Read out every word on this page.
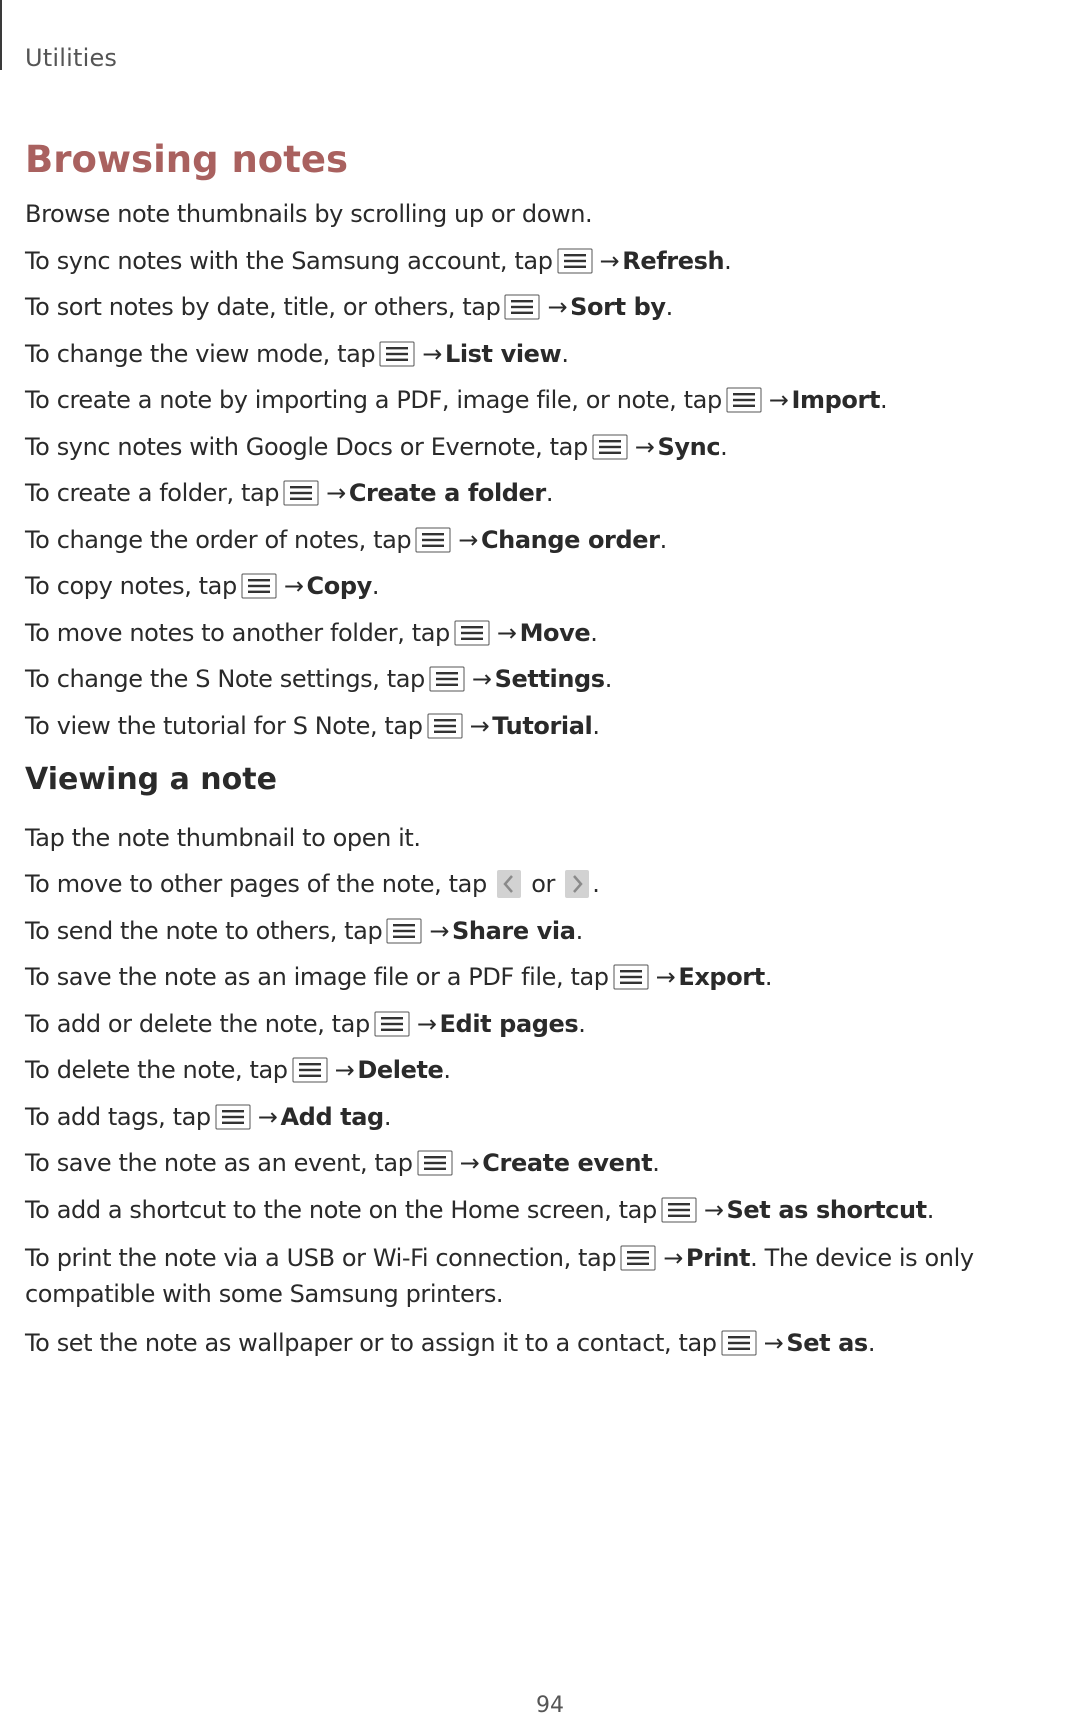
Utilities
Browsing notes

Browse note thumbnails by scrolling up or down.

To sync notes with the Samsung account, tap → Refresh.

To sort notes by date, title, or others, tap → Sort by.

To change the view mode, tap → List view.

To create a note by importing a PDF, image file, or note, tap → Import.

To sync notes with Google Docs or Evernote, tap → Sync.

To create a folder, tap → Create a folder.

To change the order of notes, tap → Change order.

To copy notes, tap → Copy.

To move notes to another folder, tap → Move.

To change the S Note settings, tap → Settings.

To view the tutorial for S Note, tap → Tutorial.

Viewing a note

Tap the note thumbnail to open it.

To move to other pages of the note, tap or .

To send the note to others, tap → Share via.

To save the note as an image file or a PDF file, tap → Export.

To add or delete the note, tap → Edit pages.

To delete the note, tap → Delete.

To add tags, tap → Add tag.

To save the note as an event, tap → Create event.

To add a shortcut to the note on the Home screen, tap → Set as shortcut.

To print the note via a USB or Wi-Fi connection, tap → Print. The device is only compatible with some Samsung printers.

To set the note as wallpaper or to assign it to a contact, tap → Set as.

94
